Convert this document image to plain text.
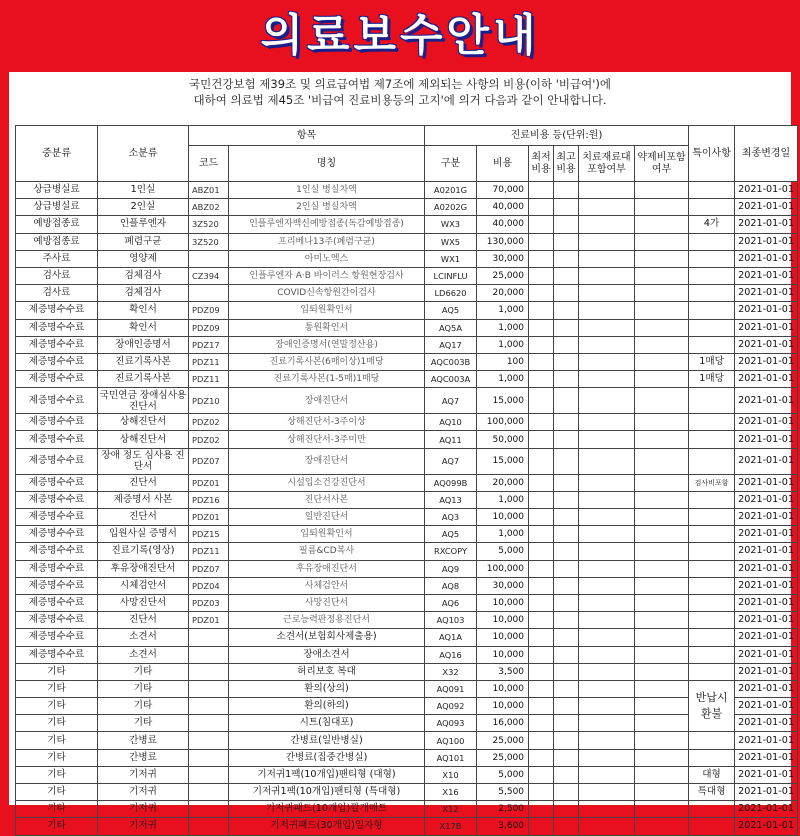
의료보수안내
국민건강보험 제39조 및 의료급여법 제7조에 제외되는 사항의 비용(이하 '비급여')에
대하여 의료법 제45조 '비급여 진료비용등의 고지'에 의거 다음과 같이 안내합니다.
중분류	소분류	항목		진료비용 등(단위:원)						특이사항	최종변경일
		코드	명칭	구분	비용	최저비용	최고비용	치료재료대포함여부	약제비포함여부		

상급병실료	1인실	ABZ01	1인실 병실차액	A0201G	70,000						2021-01-01
상급병실료	2인실	ABZ02	2인실 병실차액	A0202G	40,000						2021-01-01
예방접종료	인플루엔자	3Z520	인플루엔자백신예방접종(독감예방접종)	WX3	40,000					4가	2021-01-01
예방접종료	폐렴구균	3Z520	프리베나13주(폐렴구균)	WX5	130,000						2021-01-01
주사료	영양제		아미노엑스	WX1	30,000						2021-01-01
검사료	검체검사	CZ394	인플루엔자 A·B 바이러스 항원현장검사	LCINFLU	25,000						2021-01-01
검사료	검체검사		COVID신속항원간이검사	LD6620	20,000						2021-01-01
제증명수수료	확인서	PDZ09	입퇴원확인서	AQ5	1,000						2021-01-01
제증명수수료	확인서	PDZ09	통원확인서	AQ5A	1,000						2021-01-01
제증명수수료	장애인증명서	PDZ17	장애인증명서(연말정산용)	AQ17	1,000						2021-01-01
제증명수수료	진료기록사본	PDZ11	진료기록사본(6매이상)1매당	AQC003B	100					1매당	2021-01-01
제증명수수료	진료기록사본	PDZ11	진료기록사본(1-5매)1매당	AQC003A	1,000					1매당	2021-01-01
제증명수수료	국민연금 장애심사용진단서	PDZ10	장애진단서	AQ7	15,000						2021-01-01
제증명수수료	상해진단서	PDZ02	상해진단서-3주이상	AQ10	100,000						2021-01-01
제증명수수료	상해진단서	PDZ02	상해진단서-3주미만	AQ11	50,000						2021-01-01
제증명수수료	장애 정도 심사용 진단서	PDZ07	장애진단서	AQ7	15,000						2021-01-01
제증명수수료	진단서	PDZ01	시설입소건강진단서	AQ099B	20,000					검사비포함	2021-01-01
제증명수수료	제증명서 사본	PDZ16	진단서사본	AQ13	1,000						2021-01-01
제증명수수료	진단서	PDZ01	일반진단서	AQ3	10,000						2021-01-01
제증명수수료	입원사실 증명서	PDZ15	입퇴원확인서	AQ5	1,000						2021-01-01
제증명수수료	진료기록(영상)	PDZ11	필름&CD복사	RXCOPY	5,000						2021-01-01
제증명수수료	후유장애진단서	PDZ07	후유장애진단서	AQ9	100,000						2021-01-01
제증명수수료	시체검안서	PDZ04	사체검안서	AQ8	30,000						2021-01-01
제증명수수료	사망진단서	PDZ03	사망진단서	AQ6	10,000						2021-01-01
제증명수수료	진단서	PDZ01	근로능력판정용진단서	AQ103	10,000						2021-01-01
제증명수수료	소견서		소견서(보험회사제출용)	AQ1A	10,000						2021-01-01
제증명수수료	소견서		장애소견서	AQ16	10,000						2021-01-01
기타	기타		허리보호 복대	X32	3,500						2021-01-01
기타	기타		환의(상의)	AQ091	10,000					반납시 환불	2021-01-01
기타	기타		환의(하의)	AQ092	10,000						2021-01-01
기타	기타		시트(침대포)	AQ093	16,000						2021-01-01
기타	간병료		간병료(일반병실)	AQ100	25,000						2021-01-01
기타	간병료		간병료(집중간병실)	AQ101	25,000						2021-01-01
기타	기저귀		기저귀1팩(10개입)팬티형 (대형)	X10	5,000					대형	2021-01-01
기타	기저귀		기저귀1팩(10개입)팬티형 (특대형)	X16	5,500					특대형	2021-01-01
기타	기저귀		기저귀패드(10개입)깔개매트	X12	2,500						2021-01-01
기타	기저귀		기저귀패드(30개입)일자형	X17B	3,600						2021-01-01
